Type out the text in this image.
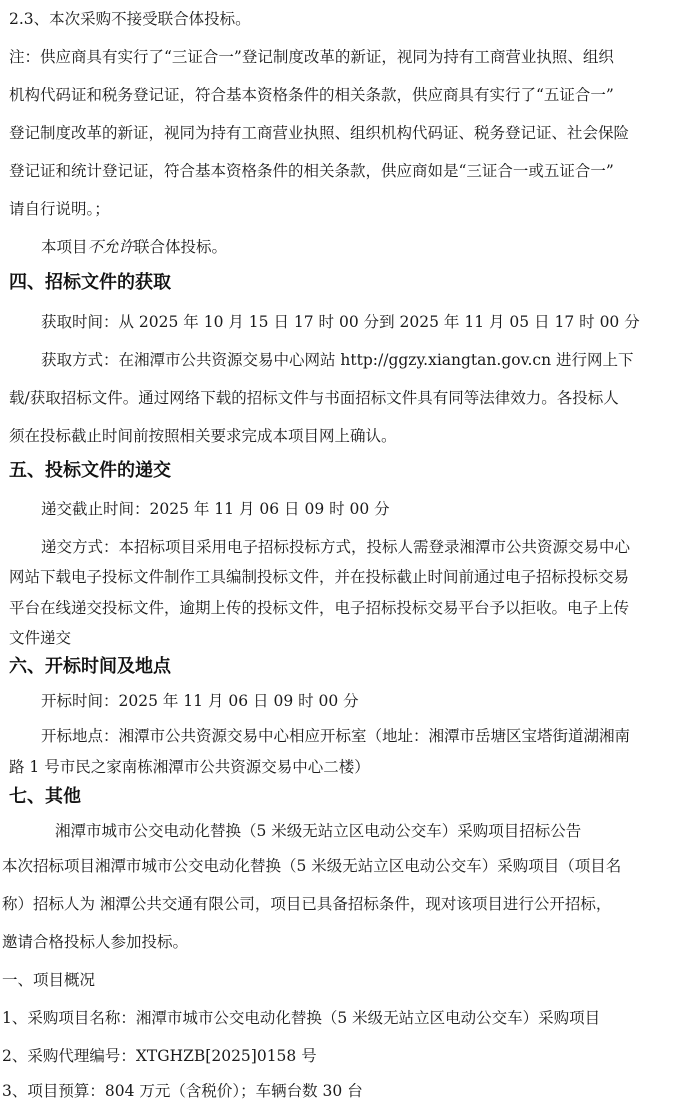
2.3、本次采购不接受联合体投标。
注：供应商具有实行了“三证合一”登记制度改革的新证，视同为持有工商营业执照、组织
机构代码证和税务登记证，符合基本资格条件的相关条款，供应商具有实行了“五证合一”
登记制度改革的新证，视同为持有工商营业执照、组织机构代码证、税务登记证、社会保险
登记证和统计登记证，符合基本资格条件的相关条款，供应商如是“三证合一或五证合一”
请自行说明。；
本项目不允许联合体投标。
四、招标文件的获取
获取时间：从 2025 年 10 月 15 日 17 时 00 分到 2025 年 11 月 05 日 17 时 00 分
获取方式：在湘潭市公共资源交易中心网站 http://ggzy.xiangtan.gov.cn 进行网上下
载/获取招标文件。通过网络下载的招标文件与书面招标文件具有同等法律效力。各投标人
须在投标截止时间前按照相关要求完成本项目网上确认。
五、投标文件的递交
递交截止时间：2025 年 11 月 06 日 09 时 00 分
递交方式：本招标项目采用电子招标投标方式，投标人需登录湘潭市公共资源交易中心
网站下载电子投标文件制作工具编制投标文件，并在投标截止时间前通过电子招标投标交易
平台在线递交投标文件，逾期上传的投标文件，电子招标投标交易平台予以拒收。电子上传
文件递交
六、开标时间及地点
开标时间：2025 年 11 月 06 日 09 时 00 分
开标地点：湘潭市公共资源交易中心相应开标室（地址：湘潭市岳塘区宝塔街道湖湘南
路 1 号市民之家南栋湘潭市公共资源交易中心二楼）
七、其他
湘潭市城市公交电动化替换（5 米级无站立区电动公交车）采购项目招标公告
本次招标项目湘潭市城市公交电动化替换（5 米级无站立区电动公交车）采购项目（项目名
称）招标人为 湘潭公共交通有限公司，项目已具备招标条件，现对该项目进行公开招标，
邀请合格投标人参加投标。
一、项目概况
1、采购项目名称：湘潭市城市公交电动化替换（5 米级无站立区电动公交车）采购项目
2、采购代理编号：XTGHZB[2025]0158 号
3、项目预算：804 万元（含税价）；车辆台数 30 台
